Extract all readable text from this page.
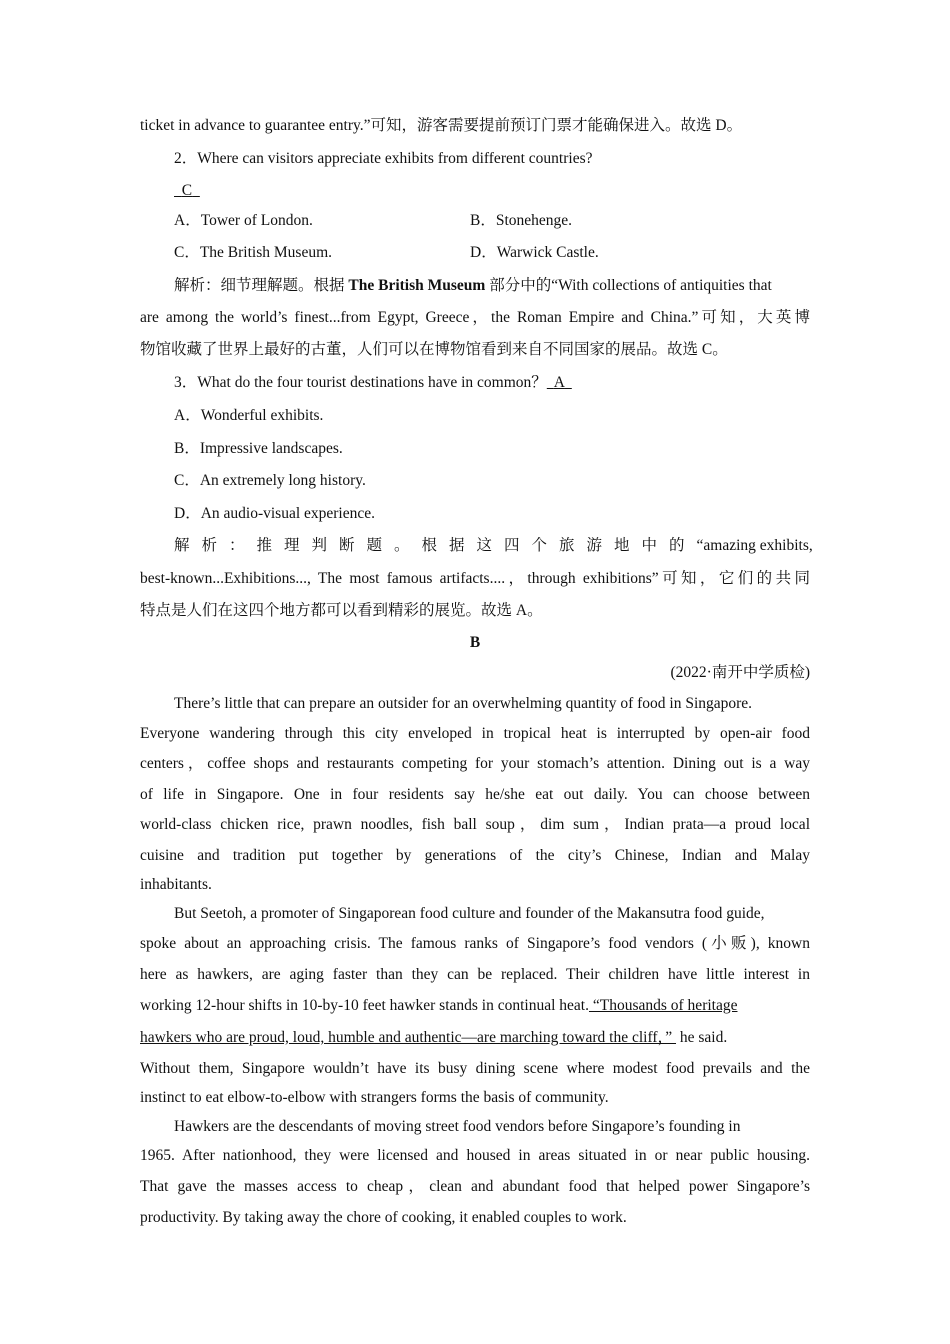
ticket in advance to guarantee entry.”可知，游客需要提前预订门票才能确保进入。故选 D。
2．Where can visitors appreciate exhibits from different countries?
C
A．Tower of London.	B．Stonehenge.
C．The British Museum.	D．Warwick Castle.
解析：细节理解题。根据 The British Museum 部分中的“With collections of antiquities that
are among the world’s finest...from Egypt, Greece，the Roman Empire and China.”可知，大英博
物馆收藏了世界上最好的古董，人们可以在博物馆看到来自不同国家的展品。故选 C。
3．What do the four tourist destinations have in common？ A
A．Wonderful exhibits.
B．Impressive landscapes.
C．An extremely long history.
D．An audio-visual experience.
解析：推理判断题。根据这四个旅游地中的 “amazing exhibits,
best-known...Exhibitions..., The most famous artifacts....，through exhibitions”可知，它们的共同
特点是人们在这四个地方都可以看到精彩的展览。故选 A。
B
(2022·南开中学质检)
There’s little that can prepare an outsider for an overwhelming quantity of food in Singapore.
Everyone wandering through this city enveloped in tropical heat is interrupted by open-air food
centers，coffee shops and restaurants competing for your stomach’s attention. Dining out is a way
of life in Singapore. One in four residents say he/she eat out daily. You can choose between
world-class chicken rice, prawn noodles, fish ball soup，dim sum，Indian prata—a proud local
cuisine and tradition put together by generations of the city’s Chinese, Indian and Malay
inhabitants.
But Seetoh, a promoter of Singaporean food culture and founder of the Makansutra food guide,
spoke about an approaching crisis. The famous ranks of Singapore’s food vendors (小贩), known
here as hawkers, are aging faster than they can be replaced. Their children have little interest in
working 12-hour shifts in 10-by-10 feet hawker stands in continual heat. “Thousands of heritage
hawkers who are proud, loud, humble and authentic—are marching toward the cliff，”  he said.
Without them, Singapore wouldn’t have its busy dining scene where modest food prevails and the
instinct to eat elbow-to-elbow with strangers forms the basis of community.
Hawkers are the descendants of moving street food vendors before Singapore’s founding in
1965. After nationhood, they were licensed and housed in areas situated in or near public housing.
That gave the masses access to cheap，clean and abundant food that helped power Singapore’s
productivity. By taking away the chore of cooking, it enabled couples to work.
